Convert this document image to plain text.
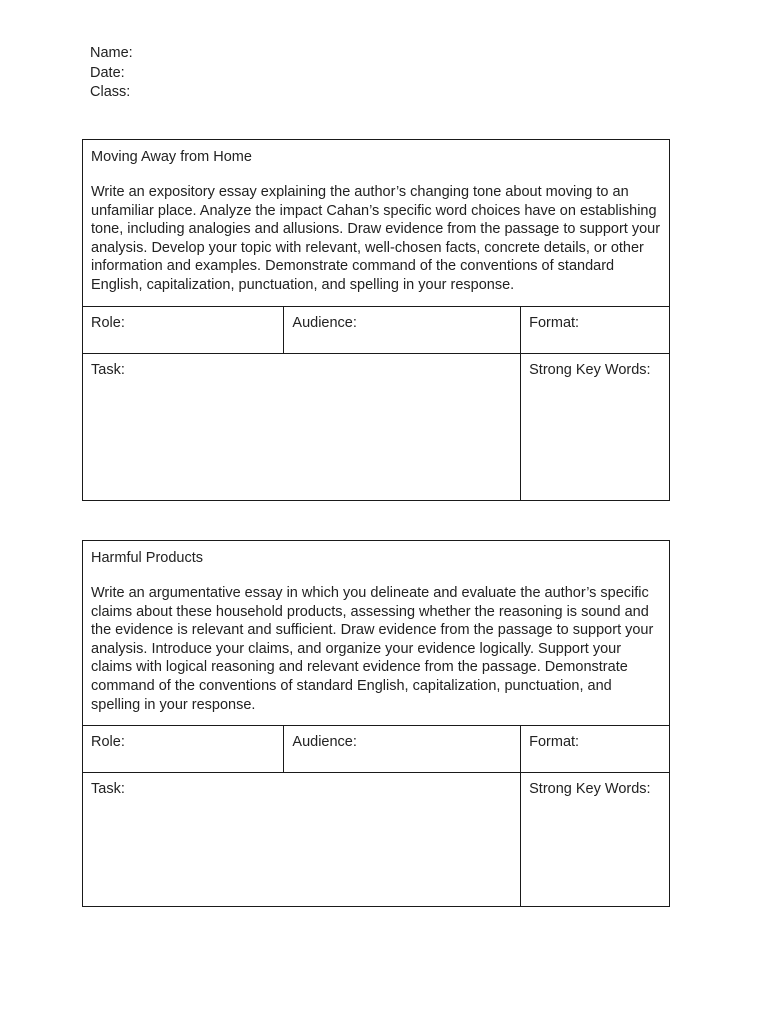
Name:
Date:
Class:
Moving Away from Home
Write an expository essay explaining the author’s changing tone about moving to an unfamiliar place. Analyze the impact Cahan’s specific word choices have on establishing tone, including analogies and allusions. Draw evidence from the passage to support your analysis. Develop your topic with relevant, well-chosen facts, concrete details, or other information and examples. Demonstrate command of the conventions of standard English, capitalization, punctuation, and spelling in your response.
Role:	Audience:	Format:
Task:	Strong Key Words:
Harmful Products
Write an argumentative essay in which you delineate and evaluate the author’s specific claims about these household products, assessing whether the reasoning is sound and the evidence is relevant and sufficient. Draw evidence from the passage to support your analysis. Introduce your claims, and organize your evidence logically. Support your claims with logical reasoning and relevant evidence from the passage. Demonstrate command of the conventions of standard English, capitalization, punctuation, and spelling in your response.
Role:	Audience:	Format:
Task:	Strong Key Words:
